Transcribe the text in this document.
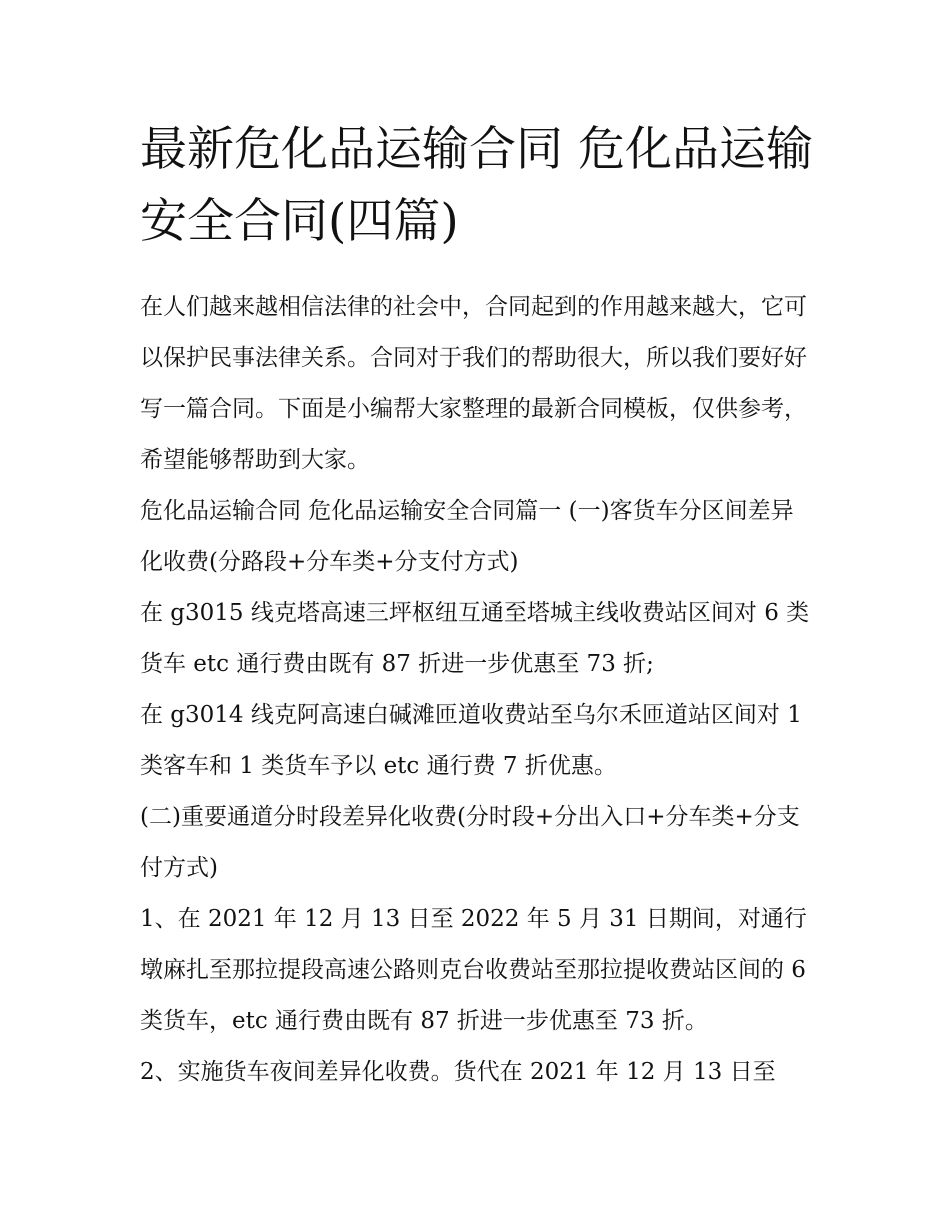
最新危化品运输合同 危化品运输安全合同(四篇)

在人们越来越相信法律的社会中，合同起到的作用越来越大，它可以保护民事法律关系。合同对于我们的帮助很大，所以我们要好好写一篇合同。下面是小编帮大家整理的最新合同模板，仅供参考，希望能够帮助到大家。

危化品运输合同 危化品运输安全合同篇一 (一)客货车分区间差异化收费(分路段+分车类+分支付方式)

在 g3015 线克塔高速三坪枢纽互通至塔城主线收费站区间对 6 类货车 etc 通行费由既有 87 折进一步优惠至 73 折;

在 g3014 线克阿高速白碱滩匝道收费站至乌尔禾匝道站区间对 1 类客车和 1 类货车予以 etc 通行费 7 折优惠。

(二)重要通道分时段差异化收费(分时段+分出入口+分车类+分支付方式)

1、在 2021 年 12 月 13 日至 2022 年 5 月 31 日期间，对通行墩麻扎至那拉提段高速公路则克台收费站至那拉提收费站区间的 6 类货车，etc 通行费由既有 87 折进一步优惠至 73 折。

2、实施货车夜间差异化收费。货代在 2021 年 12 月 13 日至
